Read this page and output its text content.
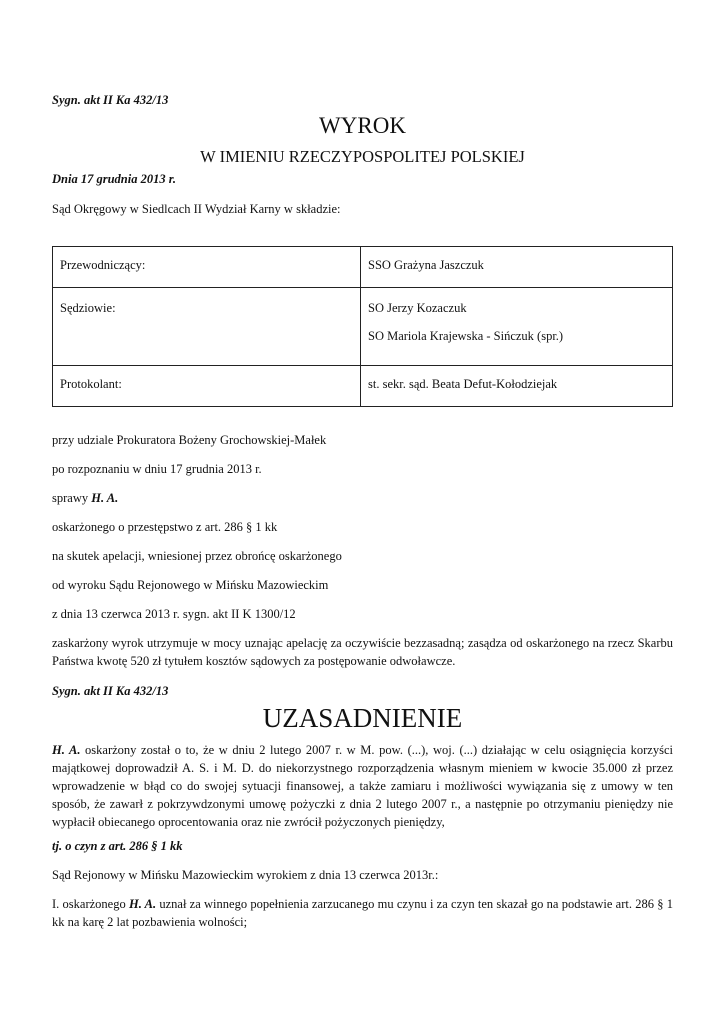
Sygn. akt II Ka 432/13
WYROK
W IMIENIU RZECZYPOSPOLITEJ POLSKIEJ
Dnia 17 grudnia 2013 r.
Sąd Okręgowy w Siedlcach II Wydział Karny w składzie:
Przewodniczący:	SSO Grażyna Jaszczuk
Sędziowie:	SO Jerzy Kozaczuk
SO Mariola Krajewska - Sińczuk (spr.)

Protokolant:	st. sekr. sąd. Beata Defut-Kołodziejak
przy udziale Prokuratora Bożeny Grochowskiej-Małek
po rozpoznaniu w dniu 17 grudnia 2013 r.
sprawy H. A.
oskarżonego o przestępstwo z art. 286 § 1 kk
na skutek apelacji, wniesionej przez obrońcę oskarżonego
od wyroku Sądu Rejonowego w Mińsku Mazowieckim
z dnia 13 czerwca 2013 r. sygn. akt II K 1300/12
zaskarżony wyrok utrzymuje w mocy uznając apelację za oczywiście bezzasadną; zasądza od oskarżonego na rzecz Skarbu Państwa kwotę 520 zł tytułem kosztów sądowych za postępowanie odwoławcze.
Sygn. akt II Ka 432/13
UZASADNIENIE
H. A. oskarżony został o to, że w dniu 2 lutego 2007 r. w M. pow. (...), woj. (...) działając w celu osiągnięcia korzyści majątkowej doprowadził A. S. i M. D. do niekorzystnego rozporządzenia własnym mieniem w kwocie 35.000 zł przez wprowadzenie w błąd co do swojej sytuacji finansowej, a także zamiaru i możliwości wywiązania się z umowy w ten sposób, że zawarł z pokrzywdzonymi umowę pożyczki z dnia 2 lutego 2007 r., a następnie po otrzymaniu pieniędzy nie wypłacił obiecanego oprocentowania oraz nie zwrócił pożyczonych pieniędzy,
tj. o czyn z art. 286 § 1 kk
Sąd Rejonowy w Mińsku Mazowieckim wyrokiem z dnia 13 czerwca 2013r.:
I. oskarżonego H. A. uznał za winnego popełnienia zarzucanego mu czynu i za czyn ten skazał go na podstawie art. 286 § 1 kk na karę 2 lat pozbawienia wolności;
